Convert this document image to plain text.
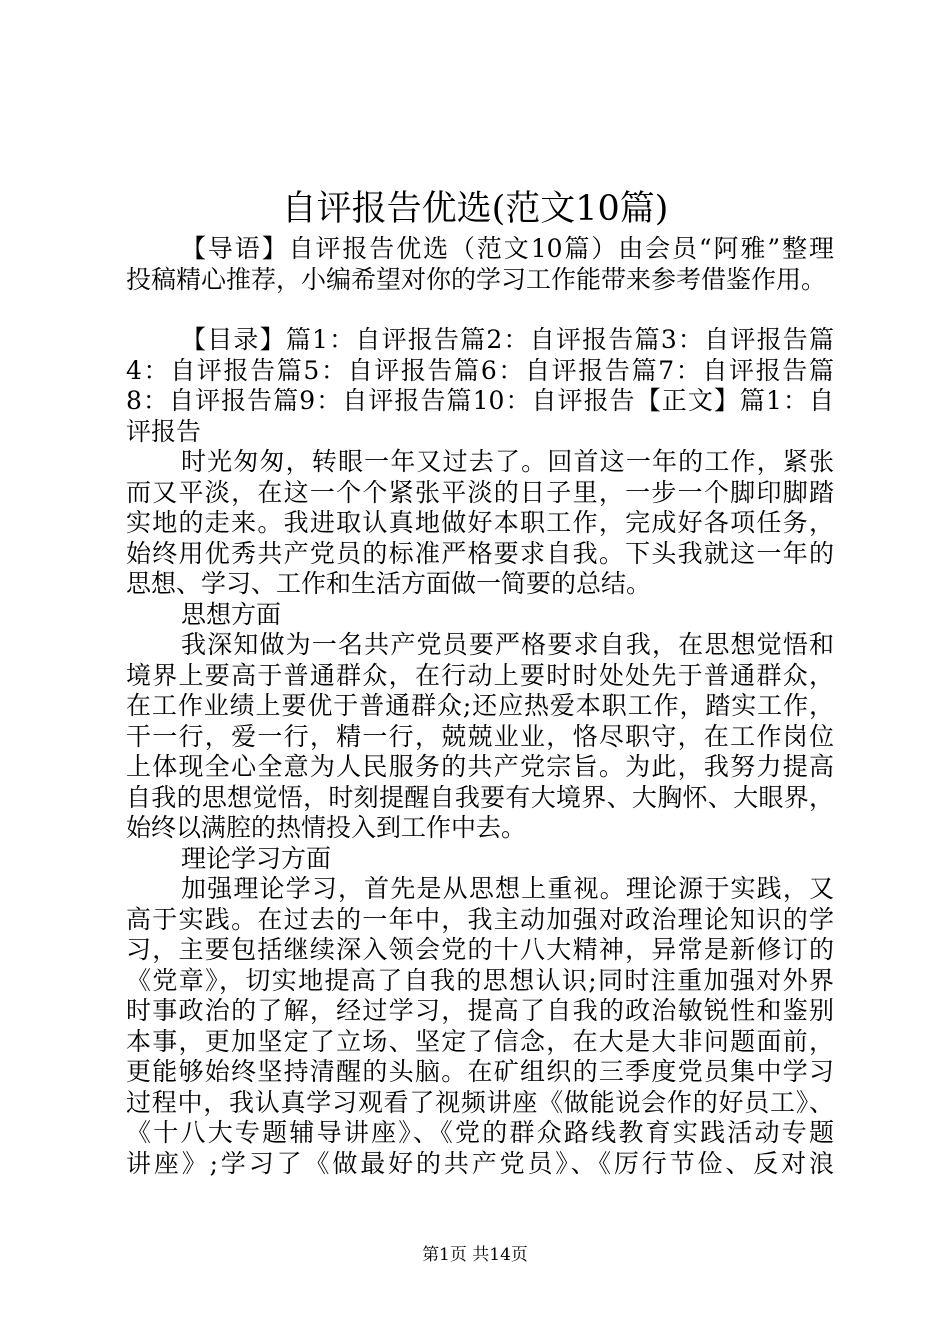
自评报告优选(范文10篇)
【导语】自评报告优选（范文10篇）由会员“阿雅”整理
投稿精心推荐，小编希望对你的学习工作能带来参考借鉴作用。
【目录】篇1：自评报告篇2：自评报告篇3：自评报告篇
4：自评报告篇5：自评报告篇6：自评报告篇7：自评报告篇
8：自评报告篇9：自评报告篇10：自评报告【正文】篇1：自
评报告
时光匆匆，转眼一年又过去了。回首这一年的工作，紧张
而又平淡，在这一个个紧张平淡的日子里，一步一个脚印脚踏
实地的走来。我进取认真地做好本职工作，完成好各项任务，
始终用优秀共产党员的标准严格要求自我。下头我就这一年的
思想、学习、工作和生活方面做一简要的总结。
思想方面
我深知做为一名共产党员要严格要求自我，在思想觉悟和
境界上要高于普通群众，在行动上要时时处处先于普通群众，
在工作业绩上要优于普通群众;还应热爱本职工作，踏实工作，
干一行，爱一行，精一行，兢兢业业，恪尽职守，在工作岗位
上体现全心全意为人民服务的共产党宗旨。为此，我努力提高
自我的思想觉悟，时刻提醒自我要有大境界、大胸怀、大眼界，
始终以满腔的热情投入到工作中去。
理论学习方面
加强理论学习，首先是从思想上重视。理论源于实践，又
高于实践。在过去的一年中，我主动加强对政治理论知识的学
习，主要包括继续深入领会党的十八大精神，异常是新修订的
《党章》，切实地提高了自我的思想认识;同时注重加强对外界
时事政治的了解，经过学习，提高了自我的政治敏锐性和鉴别
本事，更加坚定了立场、坚定了信念，在大是大非问题面前，
更能够始终坚持清醒的头脑。在矿组织的三季度党员集中学习
过程中，我认真学习观看了视频讲座《做能说会作的好员工》、
《十八大专题辅导讲座》、《党的群众路线教育实践活动专题
讲座》;学习了《做最好的共产党员》、《厉行节俭、反对浪
第1页 共14页
